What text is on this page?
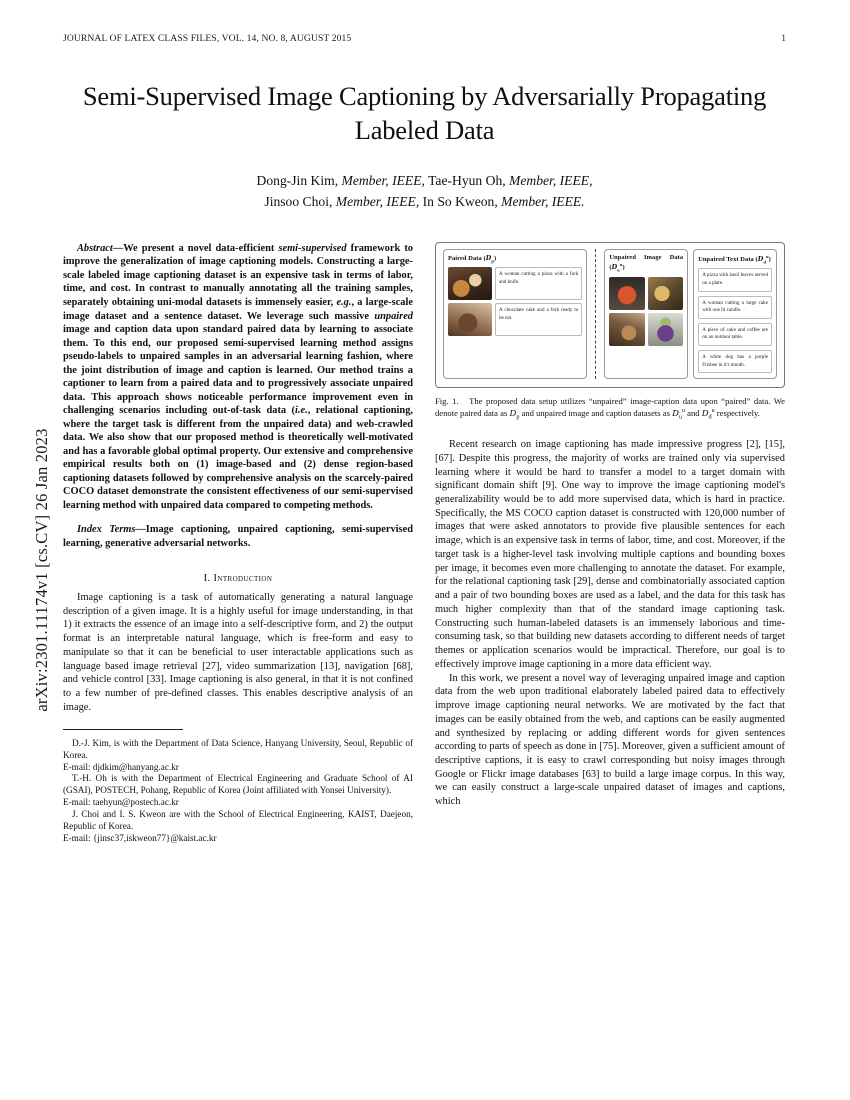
arXiv:2301.11174v1 [cs.CV] 26 Jan 2023
JOURNAL OF LATEX CLASS FILES, VOL. 14, NO. 8, AUGUST 2015	1
Semi-Supervised Image Captioning by Adversarially Propagating Labeled Data
Dong-Jin Kim, Member, IEEE, Tae-Hyun Oh, Member, IEEE,
Jinsoo Choi, Member, IEEE, In So Kweon, Member, IEEE.
Abstract—We present a novel data-efficient semi-supervised framework to improve the generalization of image captioning models. Constructing a large-scale labeled image captioning dataset is an expensive task in terms of labor, time, and cost. In contrast to manually annotating all the training samples, separately obtaining uni-modal datasets is immensely easier, e.g., a large-scale image dataset and a sentence dataset. We leverage such massive unpaired image and caption data upon standard paired data by learning to associate them. To this end, our proposed semi-supervised learning method assigns pseudo-labels to unpaired samples in an adversarial learning fashion, where the joint distribution of image and caption is learned. Our method trains a captioner to learn from a paired data and to progressively associate unpaired data. This approach shows noticeable performance improvement even in challenging scenarios including out-of-task data (i.e., relational captioning, where the target task is different from the unpaired data) and web-crawled data. We also show that our proposed method is theoretically well-motivated and has a favorable global optimal property. Our extensive and comprehensive empirical results both on (1) image-based and (2) dense region-based captioning datasets followed by comprehensive analysis on the scarcely-paired COCO dataset demonstrate the consistent effectiveness of our semi-supervised learning method with unpaired data compared to competing methods.
Index Terms—Image captioning, unpaired captioning, semi-supervised learning, generative adversarial networks.
I. Introduction

Image captioning is a task of automatically generating a natural language description of a given image. It is a highly useful for image understanding, in that 1) it extracts the essence of an image into a self-descriptive form, and 2) the output format is an interpretable natural language, which is free-form and easy to manipulate so that it can be beneficial to user interactable applications such as language based image retrieval [27], video summarization [13], navigation [68], and vehicle control [33]. Image captioning is also general, in that it is not confined to a few number of pre-defined classes. This enables descriptive analysis of an image.

D.-J. Kim, is with the Department of Data Science, Hanyang University, Seoul, Republic of Korea.

E-mail: djdkim@hanyang.ac.kr

T.-H. Oh is with the Department of Electrical Engineering and Graduate School of AI (GSAI), POSTECH, Pohang, Republic of Korea (Joint affiliated with Yonsei University).

E-mail: taehyun@postech.ac.kr

J. Choi and I. S. Kweon are with the School of Electrical Engineering, KAIST, Daejeon, Republic of Korea.

E-mail: {jinsc37,iskweon77}@kaist.ac.kr

Paired Data $(D_p)$
A woman cutting a pizza with a fork and knife.
A chocolate cake and a fork ready to be eat.
Unpaired Image Data $(D_u^u)$
Unpaired Text Data $(D_d^u)$
A pizza with basil leaves served on a plate.
A woman cutting a large cake with one lit candle.
A piece of cake and coffee are on an outdoor table.
A white dog has a purple Frisbee in it's mouth.
Fig. 1.   The proposed data setup utilizes “unpaired” image-caption data upon “paired” data. We denote paired data as $D_p$ and unpaired image and caption datasets as $D_u^u$ and $D_d^u$ respectively.

Recent research on image captioning has made impressive progress [2], [15], [67]. Despite this progress, the majority of works are trained only via supervised learning where it would be hard to transfer a model to a target domain with significant domain shift [9]. One way to improve the image captioning model's generalizability would be to add more supervised data, which is hard in practice. Specifically, the MS COCO caption dataset is constructed with 120,000 number of images that were asked annotators to provide five plausible sentences for each image, which is an expensive task in terms of labor, time, and cost. Moreover, if the target task is a higher-level task involving multiple captions and bounding boxes per image, it becomes even more challenging to annotate the dataset. For example, for the relational captioning task [29], dense and combinatorially associated caption and a pair of two bounding boxes are used as a label, and the data for this task has much higher complexity than that of the standard image captioning task. Constructing such human-labeled datasets is an immensely laborious and time-consuming task, so that building new datasets according to different needs of target themes or application scenarios would be impractical. Therefore, our goal is to effectively improve image captioning in a more data efficient way.

In this work, we present a novel way of leveraging unpaired image and caption data from the web upon traditional elaborately labeled paired data to effectively improve image captioning neural networks. We are motivated by the fact that images can be easily obtained from the web, and captions can be easily augmented and synthesized by replacing or adding different words for given sentences according to parts of speech as done in [75]. Moreover, given a sufficient amount of descriptive captions, it is easy to crawl corresponding but noisy images through Google or Flickr image databases [63] to build a large image corpus. In this way, we can easily construct a large-scale unpaired dataset of images and captions, which
